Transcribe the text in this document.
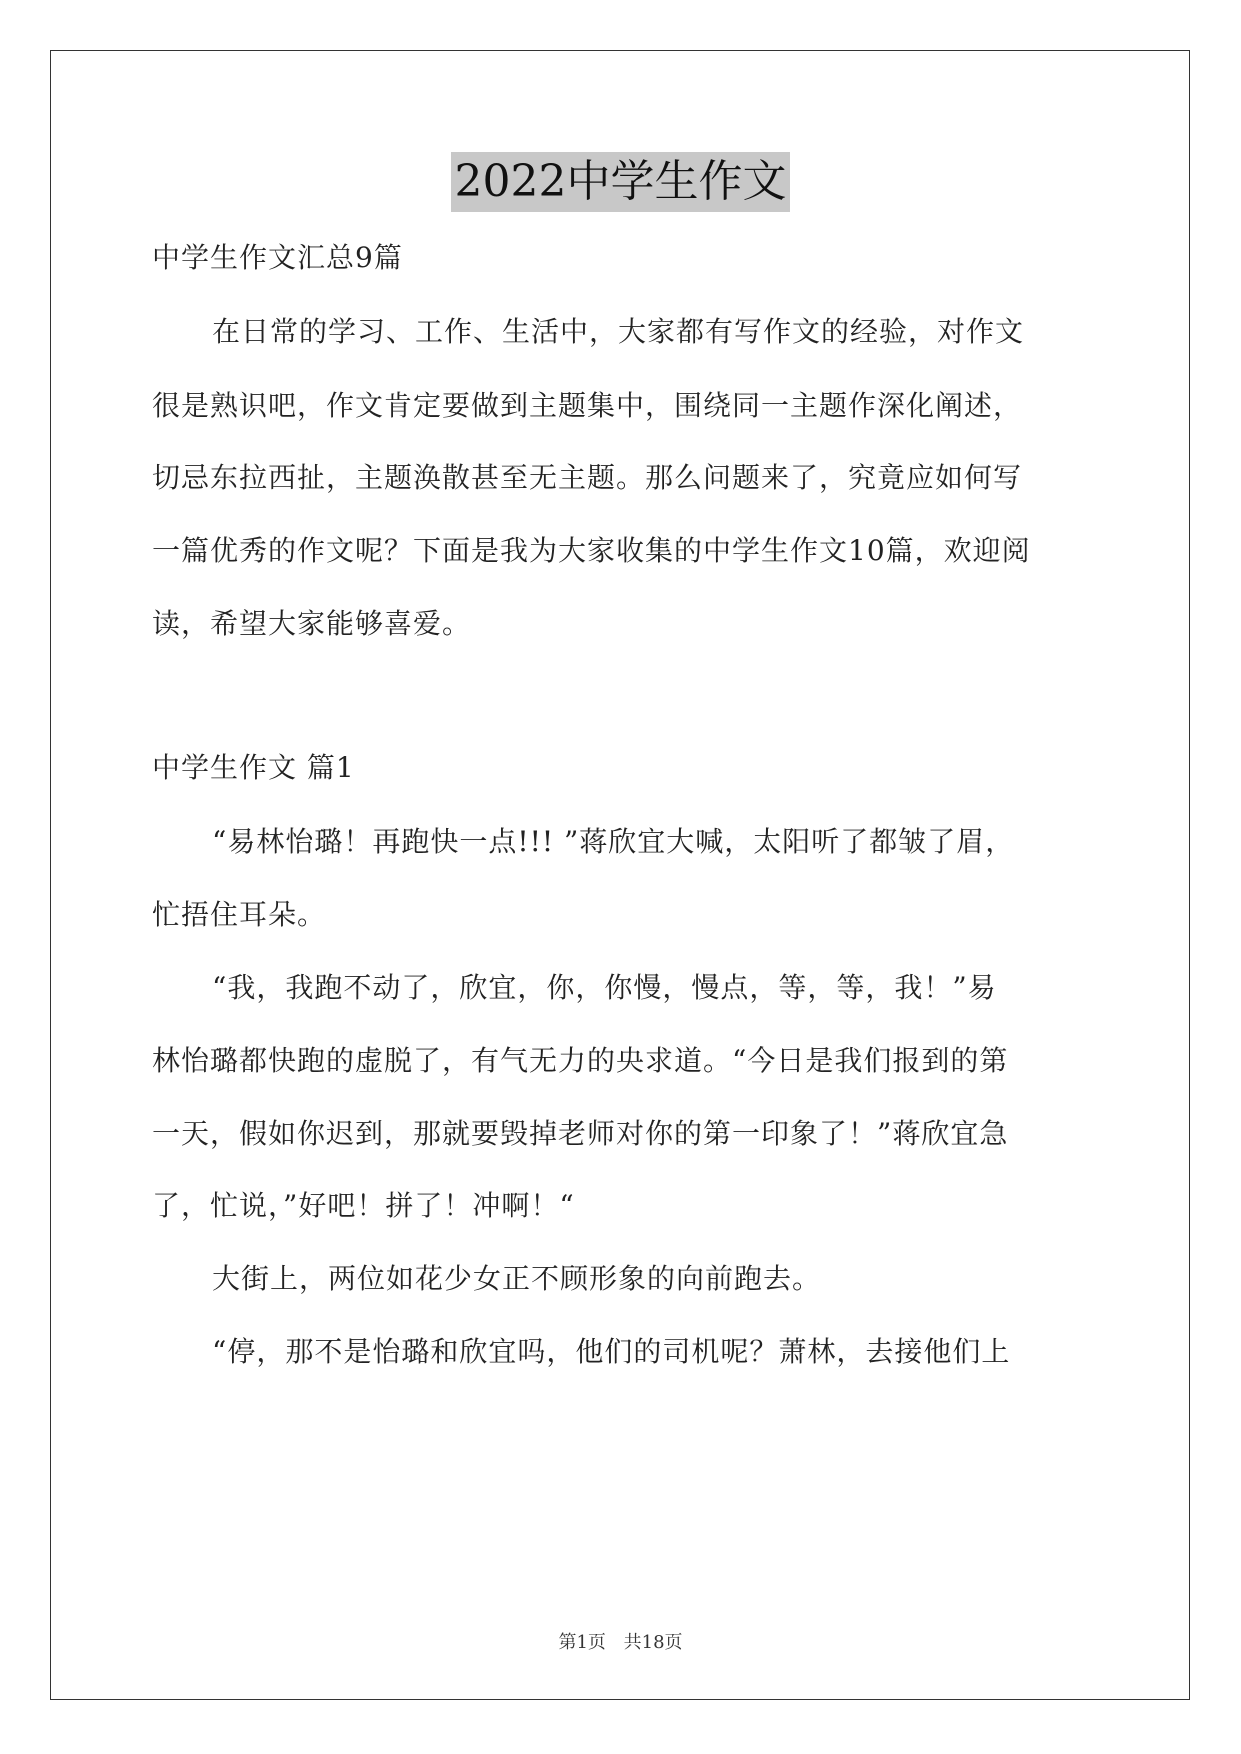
2022中学生作文
中学生作文汇总9篇
在日常的学习、工作、生活中，大家都有写作文的经验，对作文
很是熟识吧，作文肯定要做到主题集中，围绕同一主题作深化阐述，
切忌东拉西扯，主题涣散甚至无主题。那么问题来了，究竟应如何写
一篇优秀的作文呢？下面是我为大家收集的中学生作文10篇，欢迎阅
读，希望大家能够喜爱。
中学生作文 篇1
“易林怡璐！再跑快一点!!! ”蒋欣宜大喊，太阳听了都皱了眉，
忙捂住耳朵。
“我，我跑不动了，欣宜，你，你慢，慢点，等，等，我！”易
林怡璐都快跑的虚脱了，有气无力的央求道。“今日是我们报到的第
一天，假如你迟到，那就要毁掉老师对你的第一印象了！”蒋欣宜急
了，忙说，”好吧！拼了！冲啊！“
大街上，两位如花少女正不顾形象的向前跑去。
“停，那不是怡璐和欣宜吗，他们的司机呢？萧林，去接他们上
第1页 共18页
